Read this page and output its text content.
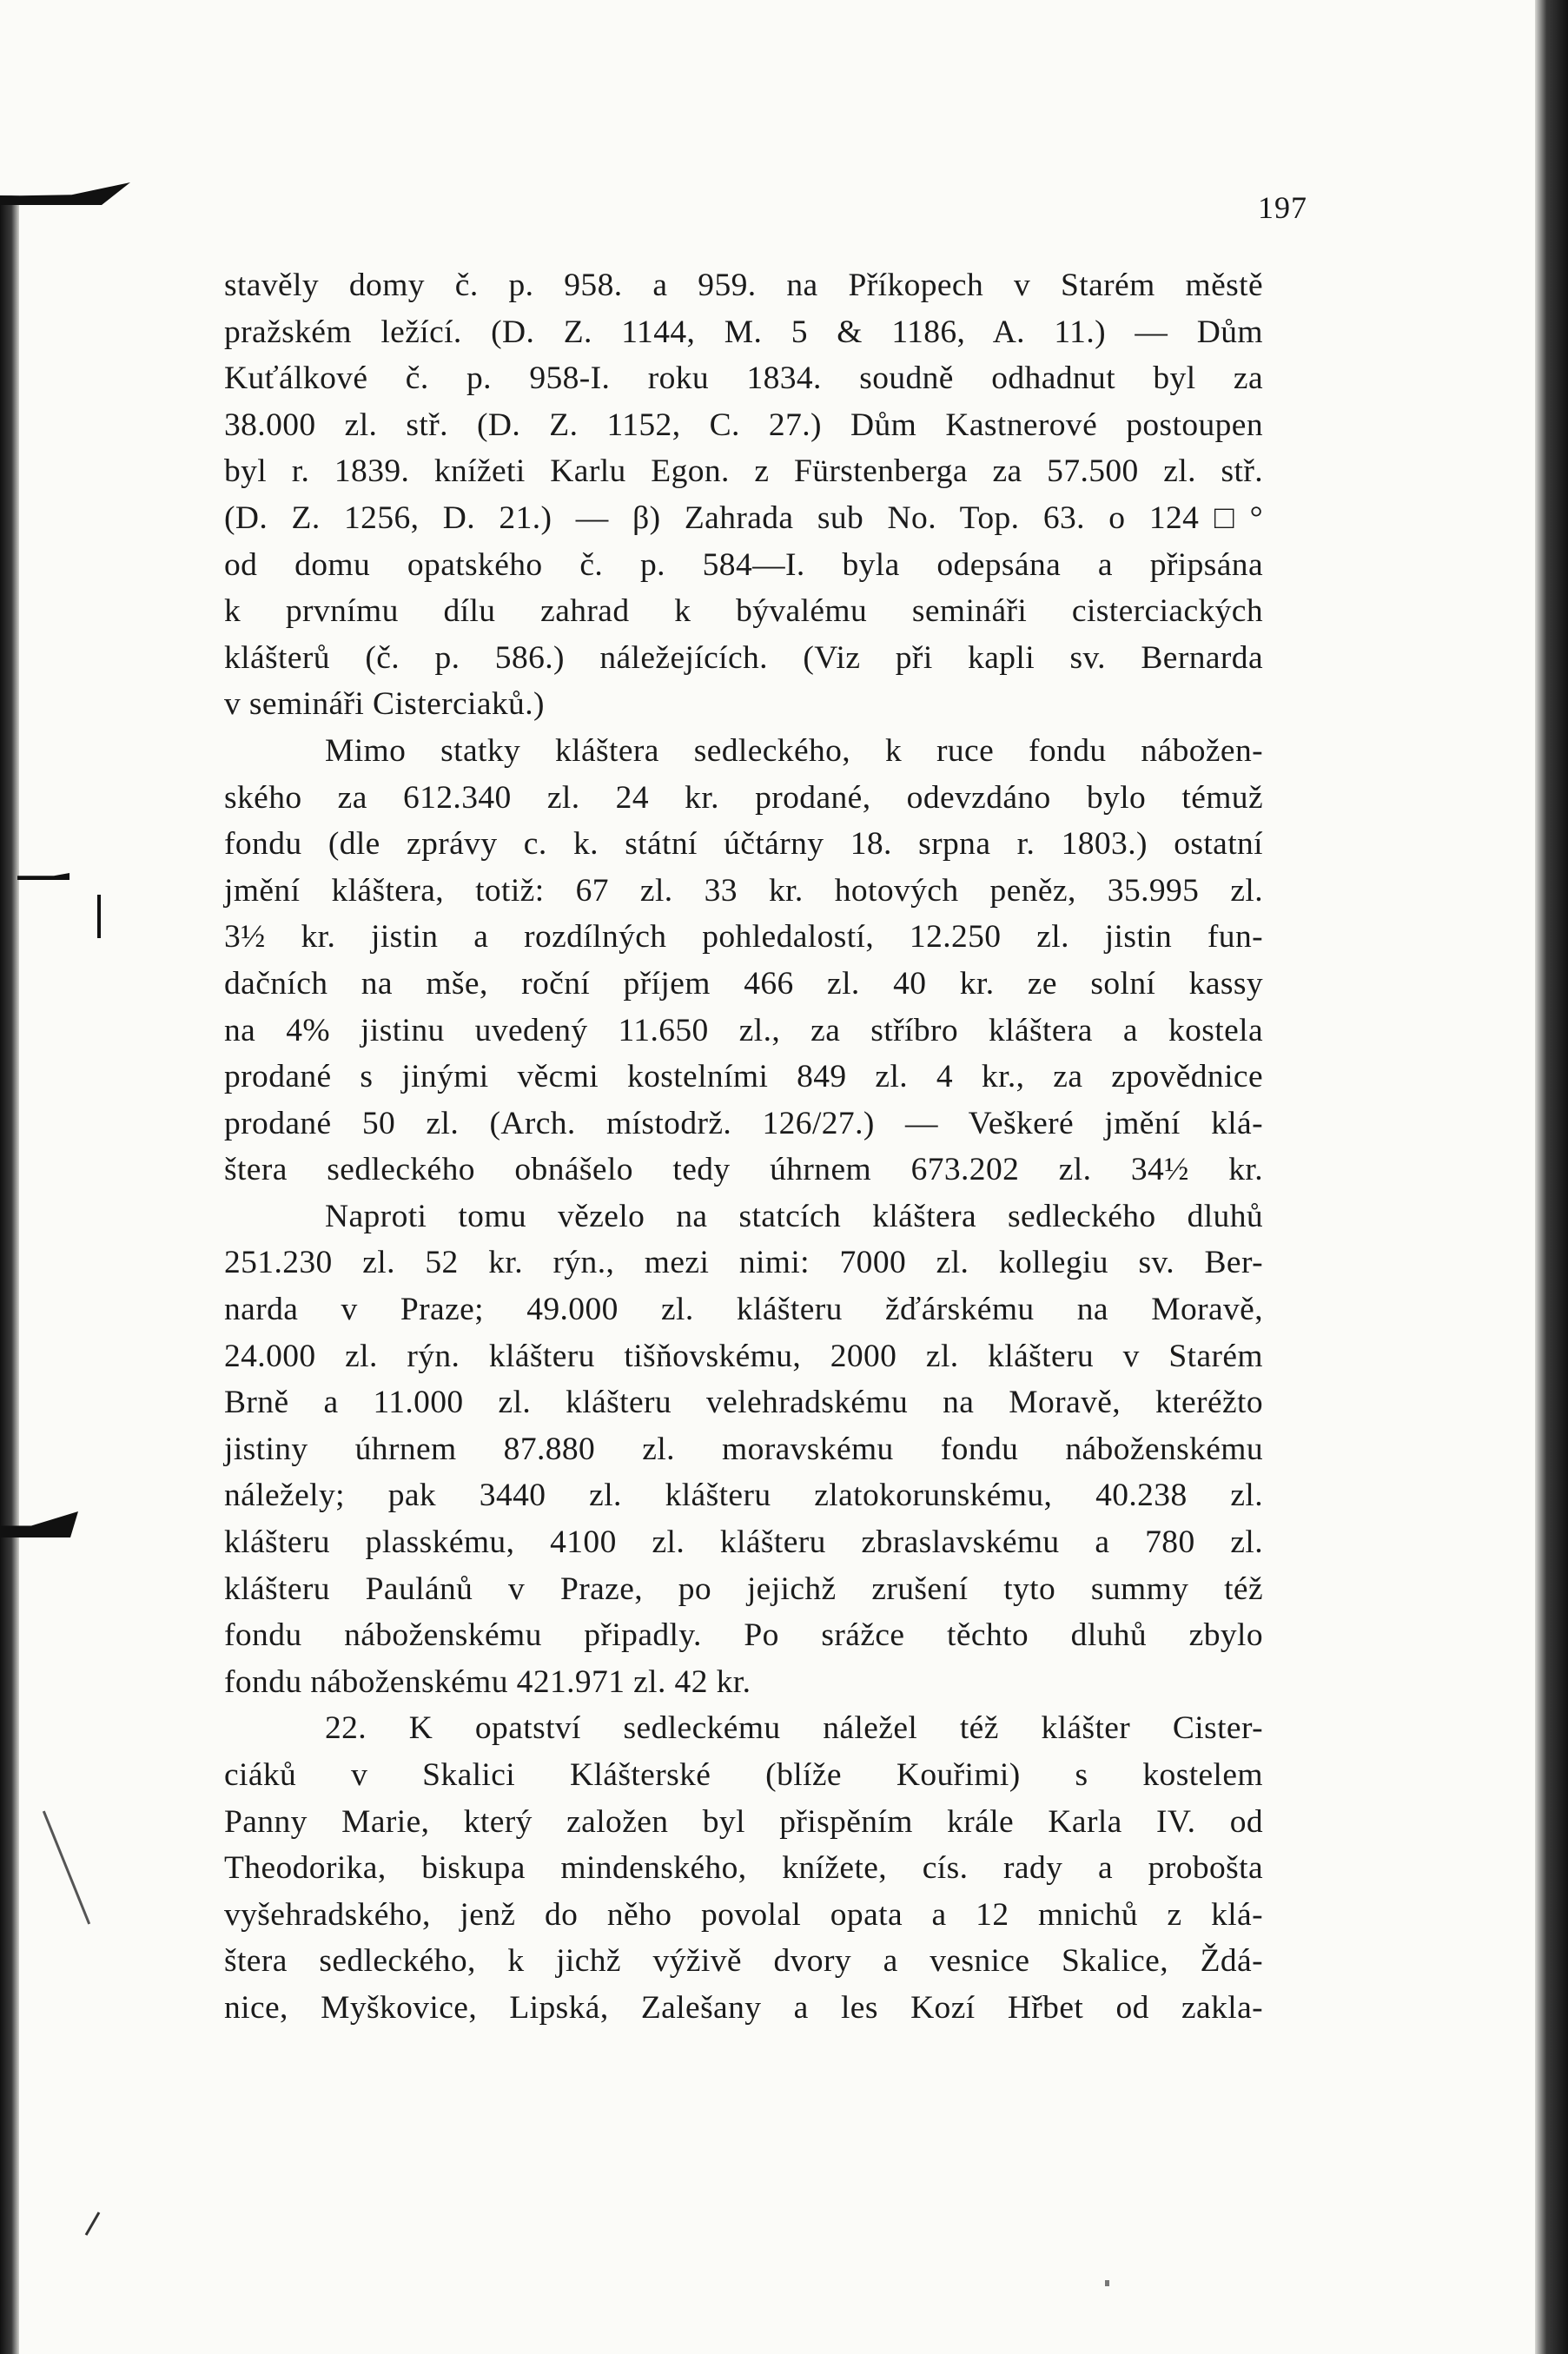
197
stavěly domy č. p. 958. a 959. na Příkopech v Starém městě
pražském ležící. (D. Z. 1144, M. 5 & 1186, A. 11.) — Dům
Kuťálkové č. p. 958-I. roku 1834. soudně odhadnut byl za
38.000 zl. stř. (D. Z. 1152, C. 27.) Dům Kastnerové postoupen
byl r. 1839. knížeti Karlu Egon. z Fürstenberga za 57.500 zl. stř.
(D. Z. 1256, D. 21.) — β) Zahrada sub No. Top. 63. o 124□°
od domu opatského č. p. 584—I. byla odepsána a připsána
k prvnímu dílu zahrad k bývalému semináři cisterciackých
klášterů (č. p. 586.) náležejících. (Viz při kapli sv. Bernarda
v semináři Cisterciaků.)
Mimo statky kláštera sedleckého, k ruce fondu nábožen-
ského za 612.340 zl. 24 kr. prodané, odevzdáno bylo témuž
fondu (dle zprávy c. k. státní účtárny 18. srpna r. 1803.) ostatní
jmění kláštera, totiž: 67 zl. 33 kr. hotových peněz, 35.995 zl.
3½ kr. jistin a rozdílných pohledalostí, 12.250 zl. jistin fun-
dačních na mše, roční příjem 466 zl. 40 kr. ze solní kassy
na 4% jistinu uvedený 11.650 zl., za stříbro kláštera a kostela
prodané s jinými věcmi kostelními 849 zl. 4 kr., za zpovědnice
prodané 50 zl. (Arch. místodrž. 126/27.) — Veškeré jmění klá-
štera sedleckého obnášelo tedy úhrnem 673.202 zl. 34½ kr.
Naproti tomu vězelo na statcích kláštera sedleckého dluhů
251.230 zl. 52 kr. rýn., mezi nimi: 7000 zl. kollegiu sv. Ber-
narda v Praze; 49.000 zl. klášteru žďárskému na Moravě,
24.000 zl. rýn. klášteru tišňovskému, 2000 zl. klášteru v Starém
Brně a 11.000 zl. klášteru velehradskému na Moravě, kteréžto
jistiny úhrnem 87.880 zl. moravskému fondu náboženskému
náležely; pak 3440 zl. klášteru zlatokorunskému, 40.238 zl.
klášteru plasskému, 4100 zl. klášteru zbraslavskému a 780 zl.
klášteru Paulánů v Praze, po jejichž zrušení tyto summy též
fondu náboženskému připadly. Po srážce těchto dluhů zbylo
fondu náboženskému 421.971 zl. 42 kr.
22. K opatství sedleckému náležel též klášter Cister-
ciáků v Skalici Klášterské (blíže Kouřimi) s kostelem
Panny Marie, který založen byl přispěním krále Karla IV. od
Theodorika, biskupa mindenského, knížete, cís. rady a probošta
vyšehradského, jenž do něho povolal opata a 12 mnichů z klá-
štera sedleckého, k jichž výživě dvory a vesnice Skalice, Ždá-
nice, Myškovice, Lipská, Zalešany a les Kozí Hřbet od zakla-
